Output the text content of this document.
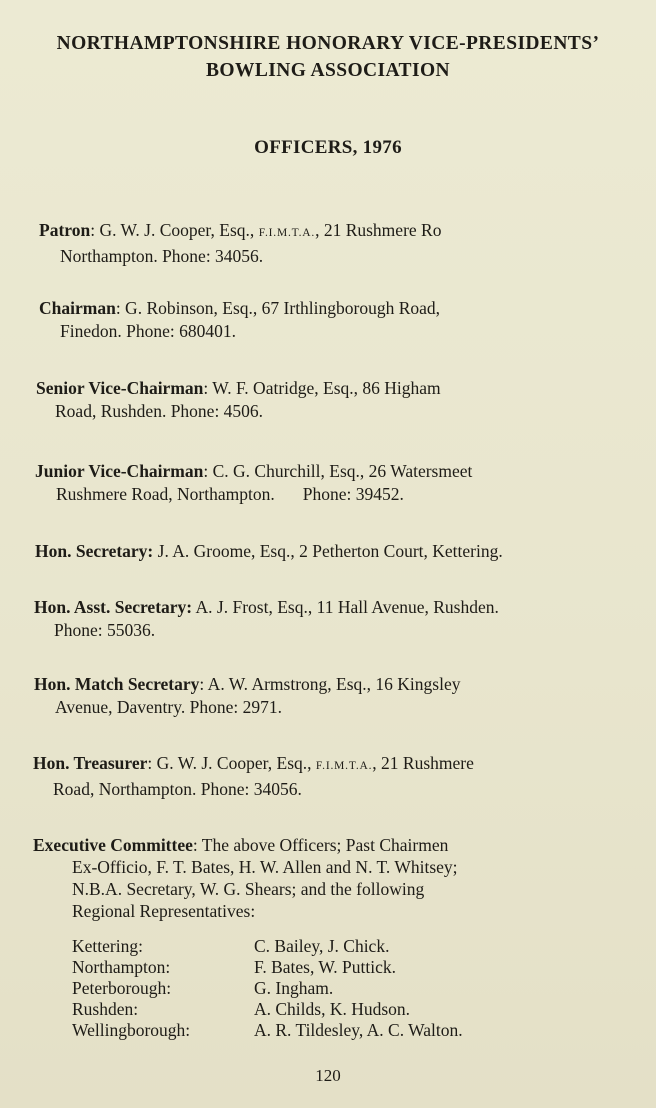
NORTHAMPTONSHIRE HONORARY VICE-PRESIDENTS’
BOWLING ASSOCIATION
OFFICERS, 1976
Patron: G. W. J. Cooper, Esq., F.I.M.T.A., 21 Rushmere Ro
Northampton. Phone: 34056.
Chairman: G. Robinson, Esq., 67 Irthlingborough Road,
Finedon. Phone: 680401.
Senior Vice-Chairman: W. F. Oatridge, Esq., 86 Higham
Road, Rushden. Phone: 4506.
Junior Vice-Chairman: C. G. Churchill, Esq., 26 Watersmeet
Rushmere Road, Northampton. Phone: 39452.
Hon. Secretary: J. A. Groome, Esq., 2 Petherton Court, Kettering.
Hon. Asst. Secretary: A. J. Frost, Esq., 11 Hall Avenue, Rushden.
Phone: 55036.
Hon. Match Secretary: A. W. Armstrong, Esq., 16 Kingsley
Avenue, Daventry. Phone: 2971.
Hon. Treasurer: G. W. J. Cooper, Esq., F.I.M.T.A., 21 Rushmere
Road, Northampton. Phone: 34056.
Executive Committee: The above Officers; Past Chairmen
Ex-Officio, F. T. Bates, H. W. Allen and N. T. Whitsey;
N.B.A. Secretary, W. G. Shears; and the following
Regional Representatives:
Kettering:	C. Bailey, J. Chick.
Northampton:	F. Bates, W. Puttick.
Peterborough:	G. Ingham.
Rushden:	A. Childs, K. Hudson.
Wellingborough:	A. R. Tildesley, A. C. Walton.
120
